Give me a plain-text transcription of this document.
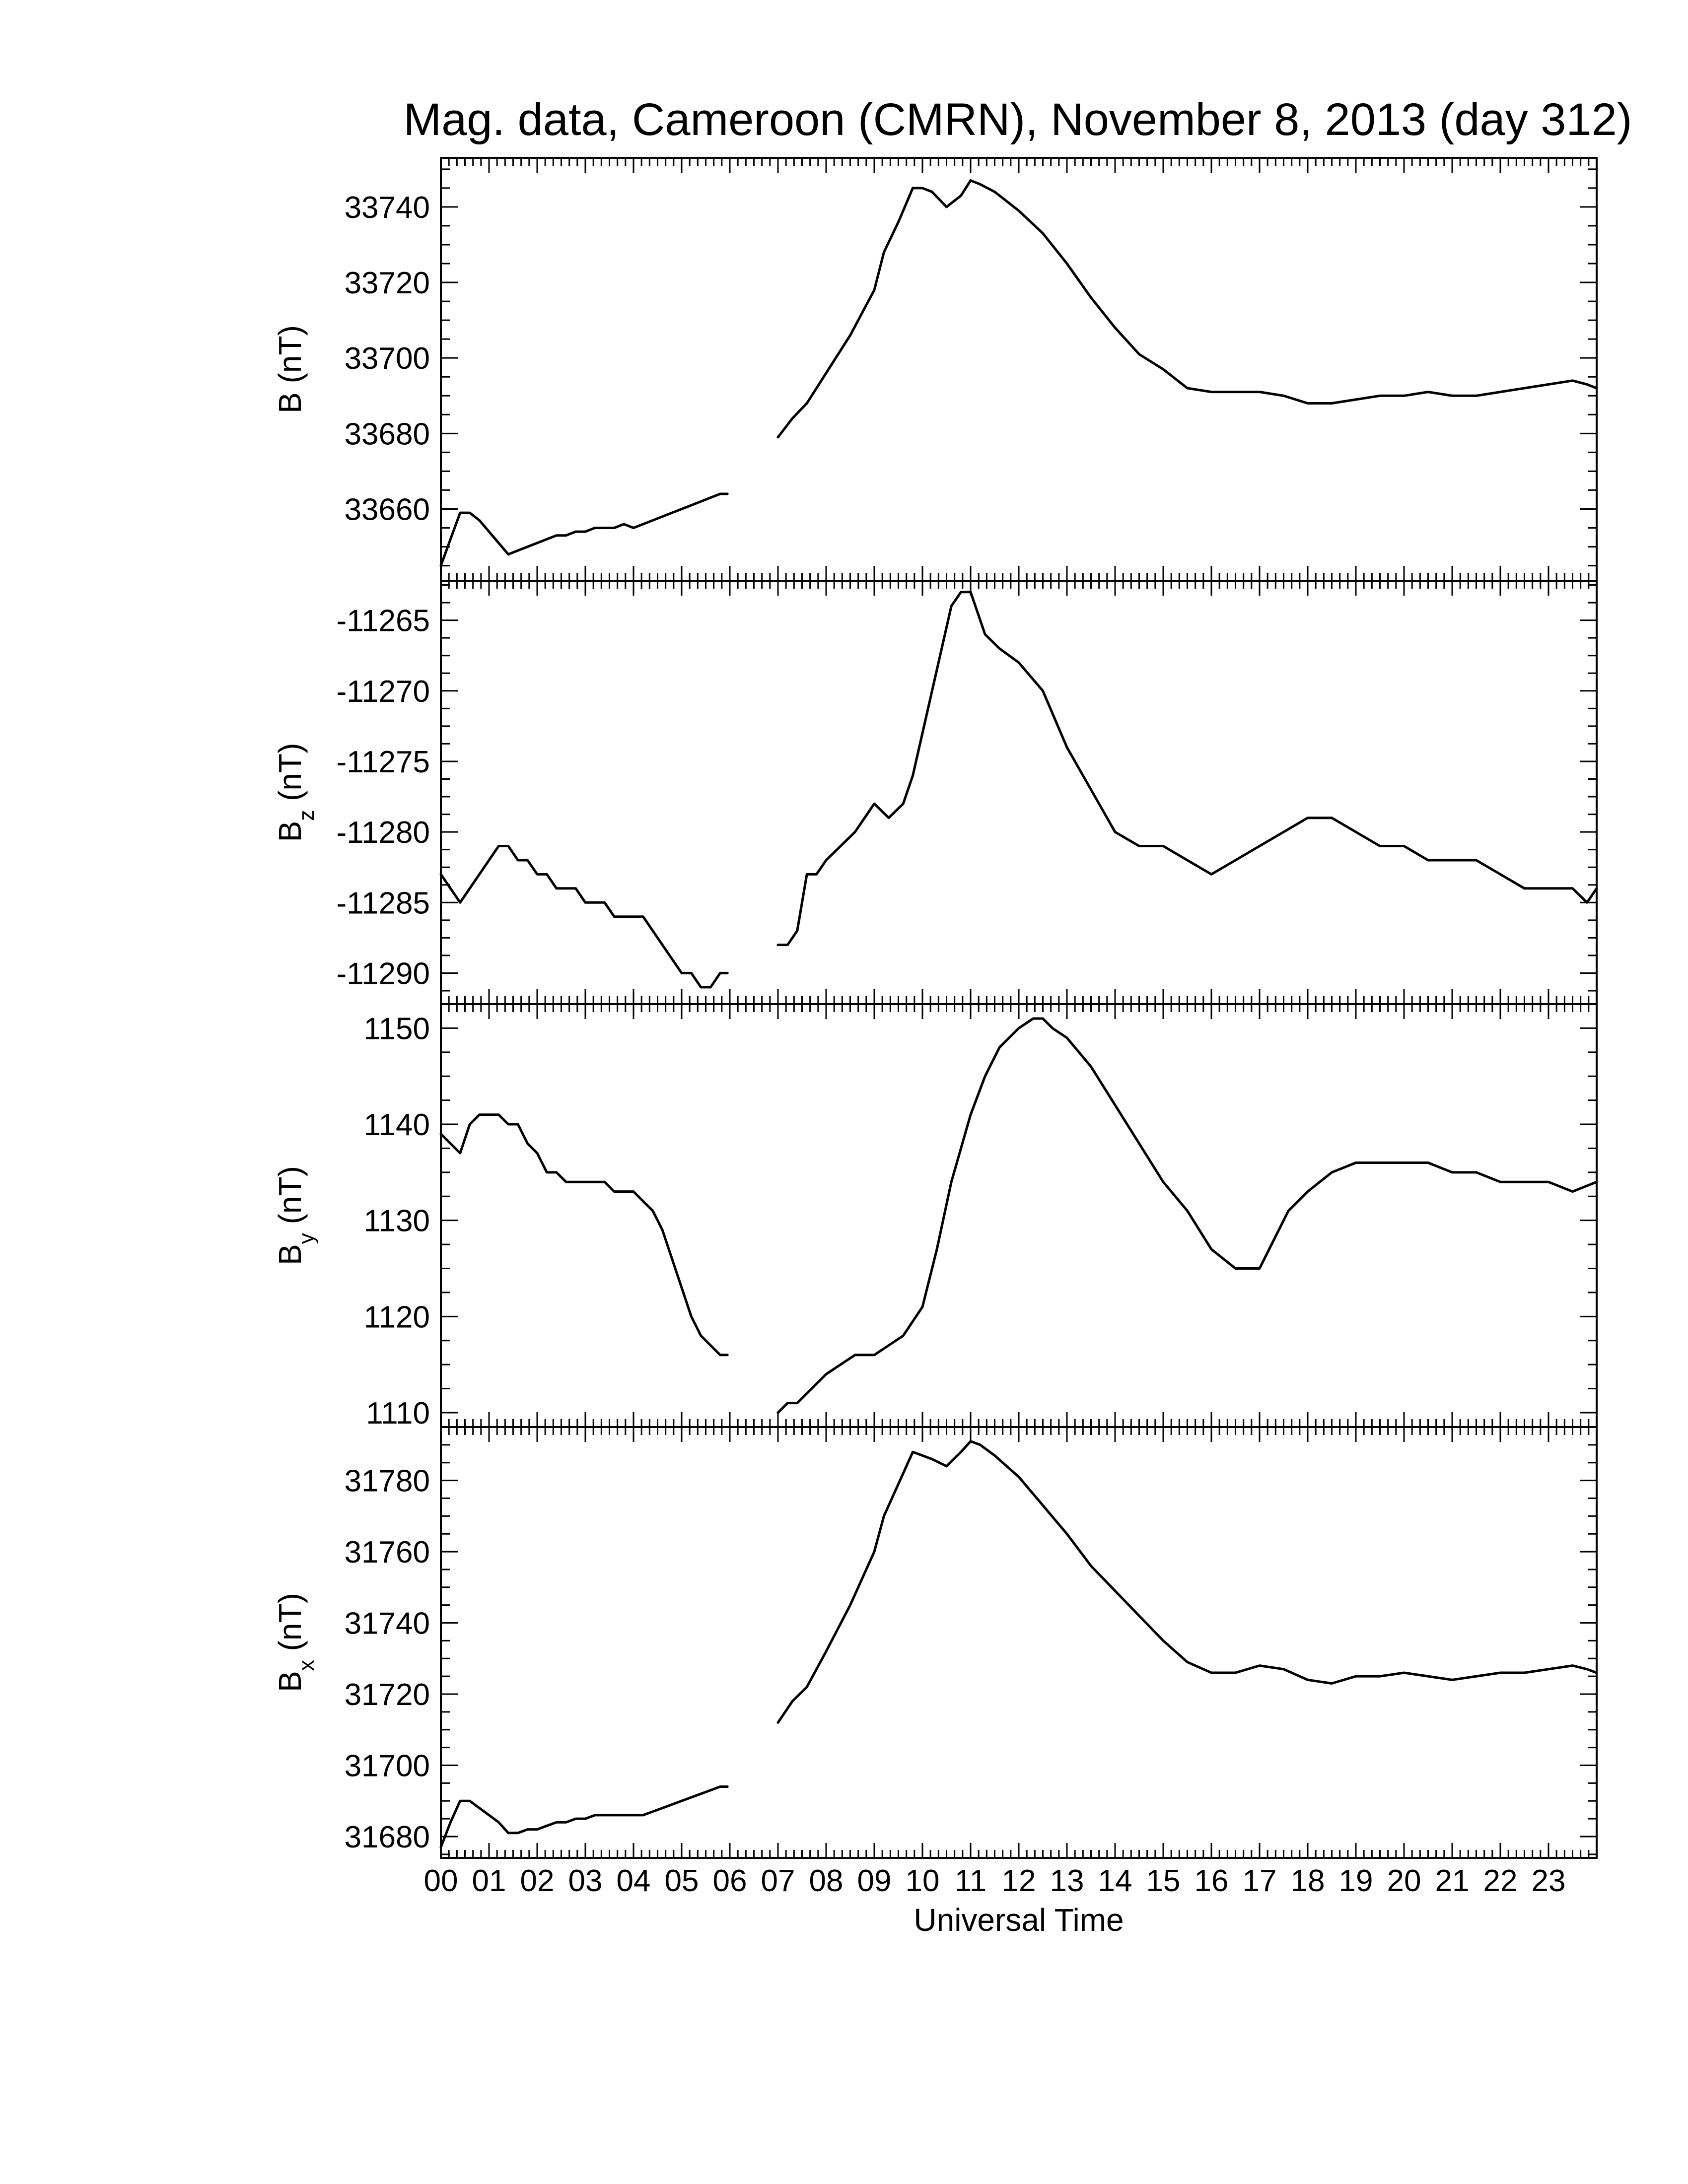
Mag. data, Cameroon (CMRN), November 8, 2013 (day 312)
33660
33680
33700
33720
33740
B (nT)
-11290
-11285
-11280
-11275
-11270
-11265
$B_z$ (nT)
1110
1120
1130
1140
1150
$B_y$ (nT)
31680
31700
31720
31740
31760
31780
$B_x$ (nT)
00 01 02 03 04 05 06 07 08 09 10 11 12 13 14 15 16 17 18 19 20 21 22 23
Universal Time
